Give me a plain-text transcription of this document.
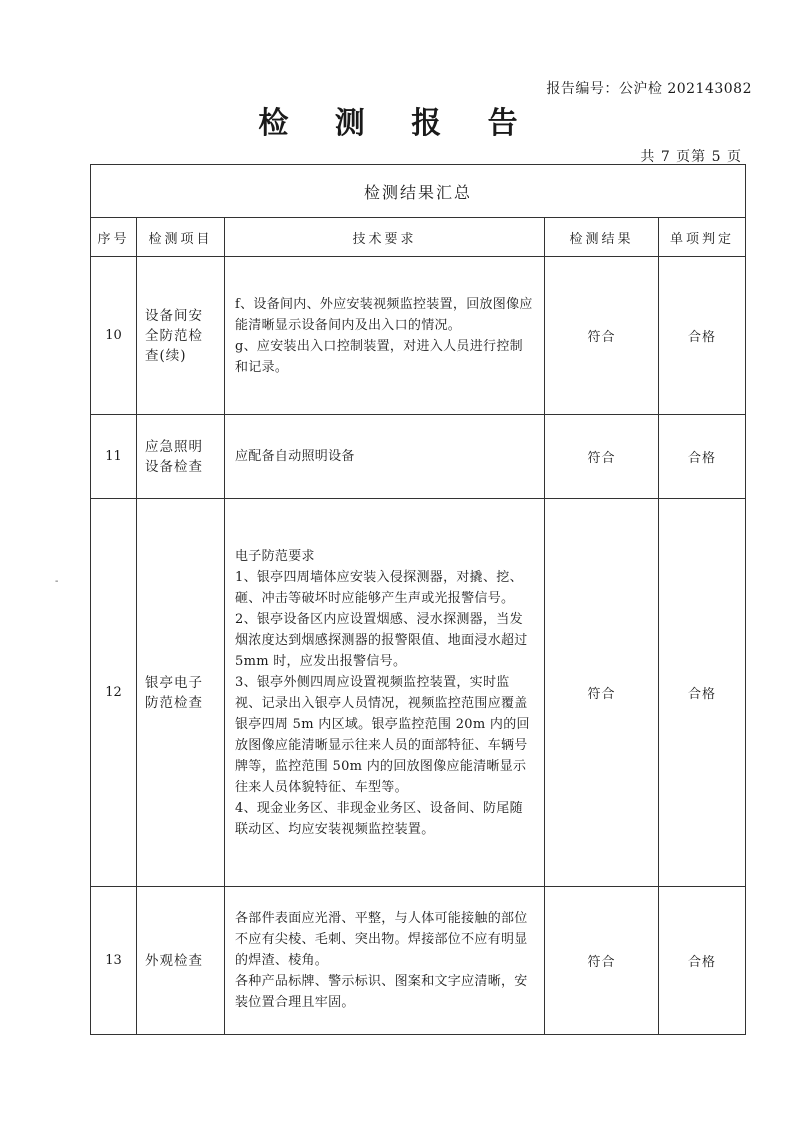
报告编号：公沪检 202143082
检 测 报 告
共 7 页第 5 页
-
检测结果汇总				
序号	检测项目	技术要求	检测结果	单项判定
10	设备间安全防范检查(续)	f、设备间内、外应安装视频监控装置，回放图像应能清晰显示设备间内及出入口的情况。
g、应安装出入口控制装置，对进入人员进行控制和记录。	符合	合格
11	应急照明设备检查	应配备自动照明设备	符合	合格
12	银亭电子防范检查	电子防范要求
1、银亭四周墙体应安装入侵探测器，对撬、挖、砸、冲击等破坏时应能够产生声或光报警信号。
2、银亭设备区内应设置烟感、浸水探测器，当发烟浓度达到烟感探测器的报警限值、地面浸水超过 5mm 时，应发出报警信号。
3、银亭外侧四周应设置视频监控装置，实时监视、记录出入银亭人员情况，视频监控范围应覆盖银亭四周 5m 内区域。银亭监控范围 20m 内的回放图像应能清晰显示往来人员的面部特征、车辆号牌等，监控范围 50m 内的回放图像应能清晰显示往来人员体貌特征、车型等。
4、现金业务区、非现金业务区、设备间、防尾随联动区、均应安装视频监控装置。	符合	合格
13	外观检查	各部件表面应光滑、平整，与人体可能接触的部位不应有尖棱、毛刺、突出物。焊接部位不应有明显的焊渣、棱角。
各种产品标牌、警示标识、图案和文字应清晰，安装位置合理且牢固。	符合	合格
